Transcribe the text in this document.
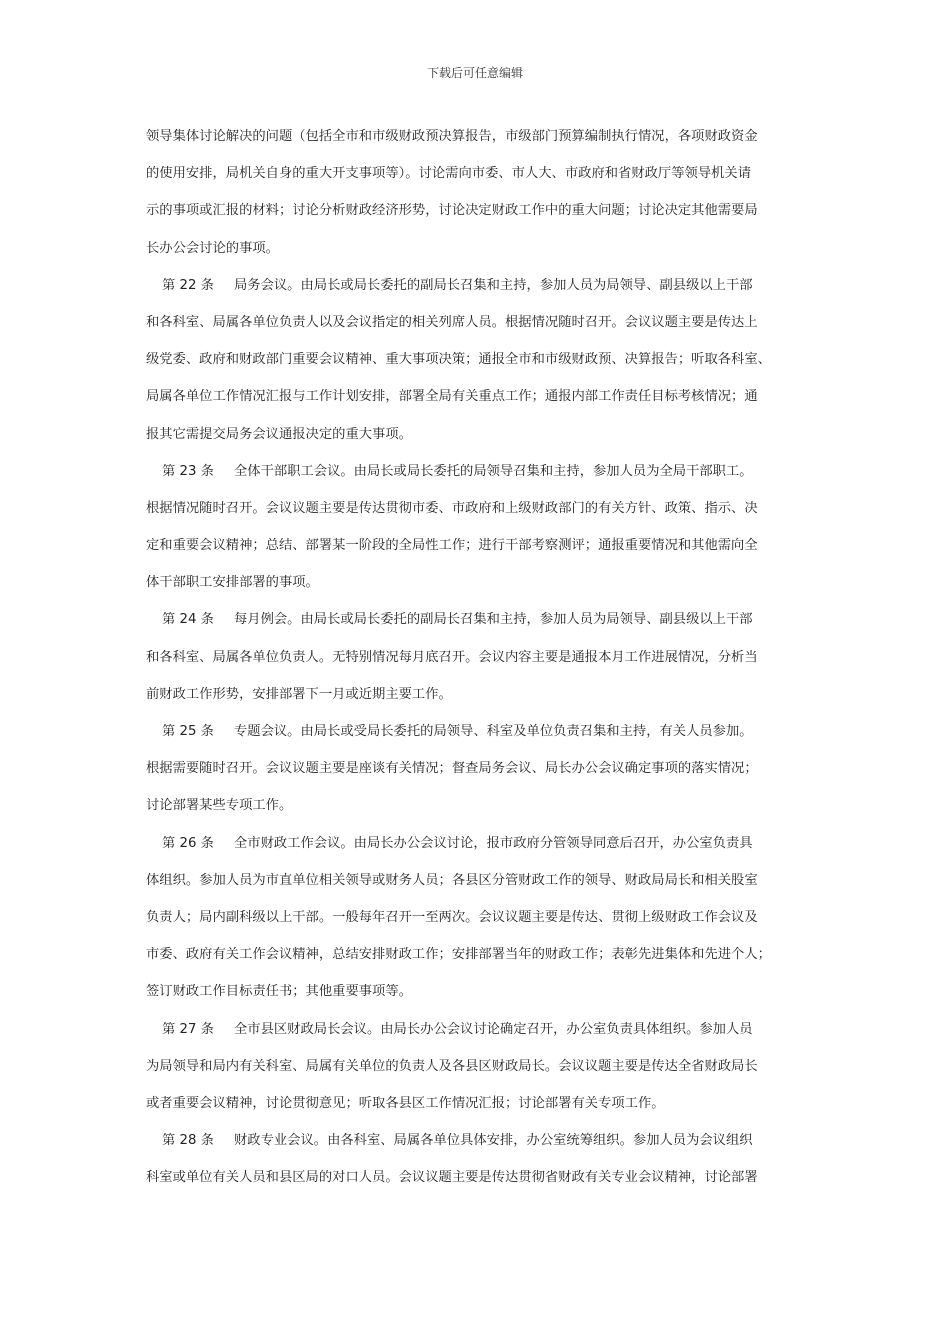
下载后可任意编辑
领导集体讨论解决的问题（包括全市和市级财政预决算报告，市级部门预算编制执行情况，各项财政资金
的使用安排，局机关自身的重大开支事项等）。讨论需向市委、市人大、市政府和省财政厅等领导机关请
示的事项或汇报的材料；讨论分析财政经济形势，讨论决定财政工作中的重大问题；讨论决定其他需要局
长办公会讨论的事项。
第 22 条 局务会议。由局长或局长委托的副局长召集和主持，参加人员为局领导、副县级以上干部
和各科室、局属各单位负责人以及会议指定的相关列席人员。根据情况随时召开。会议议题主要是传达上
级党委、政府和财政部门重要会议精神、重大事项决策；通报全市和市级财政预、决算报告；听取各科室、
局属各单位工作情况汇报与工作计划安排，部署全局有关重点工作；通报内部工作责任目标考核情况；通
报其它需提交局务会议通报决定的重大事项。
第 23 条 全体干部职工会议。由局长或局长委托的局领导召集和主持，参加人员为全局干部职工。
根据情况随时召开。会议议题主要是传达贯彻市委、市政府和上级财政部门的有关方针、政策、指示、决
定和重要会议精神；总结、部署某一阶段的全局性工作；进行干部考察测评；通报重要情况和其他需向全
体干部职工安排部署的事项。
第 24 条 每月例会。由局长或局长委托的副局长召集和主持，参加人员为局领导、副县级以上干部
和各科室、局属各单位负责人。无特别情况每月底召开。会议内容主要是通报本月工作进展情况，分析当
前财政工作形势，安排部署下一月或近期主要工作。
第 25 条 专题会议。由局长或受局长委托的局领导、科室及单位负责召集和主持，有关人员参加。
根据需要随时召开。会议议题主要是座谈有关情况；督查局务会议、局长办公会议确定事项的落实情况；
讨论部署某些专项工作。
第 26 条 全市财政工作会议。由局长办公会议讨论，报市政府分管领导同意后召开，办公室负责具
体组织。参加人员为市直单位相关领导或财务人员；各县区分管财政工作的领导、财政局局长和相关股室
负责人；局内副科级以上干部。一般每年召开一至两次。会议议题主要是传达、贯彻上级财政工作会议及
市委、政府有关工作会议精神，总结安排财政工作；安排部署当年的财政工作；表彰先进集体和先进个人；
签订财政工作目标责任书；其他重要事项等。
第 27 条 全市县区财政局长会议。由局长办公会议讨论确定召开，办公室负责具体组织。参加人员
为局领导和局内有关科室、局属有关单位的负责人及各县区财政局长。会议议题主要是传达全省财政局长
或者重要会议精神，讨论贯彻意见；听取各县区工作情况汇报；讨论部署有关专项工作。
第 28 条 财政专业会议。由各科室、局属各单位具体安排，办公室统筹组织。参加人员为会议组织
科室或单位有关人员和县区局的对口人员。会议议题主要是传达贯彻省财政有关专业会议精神，讨论部署
